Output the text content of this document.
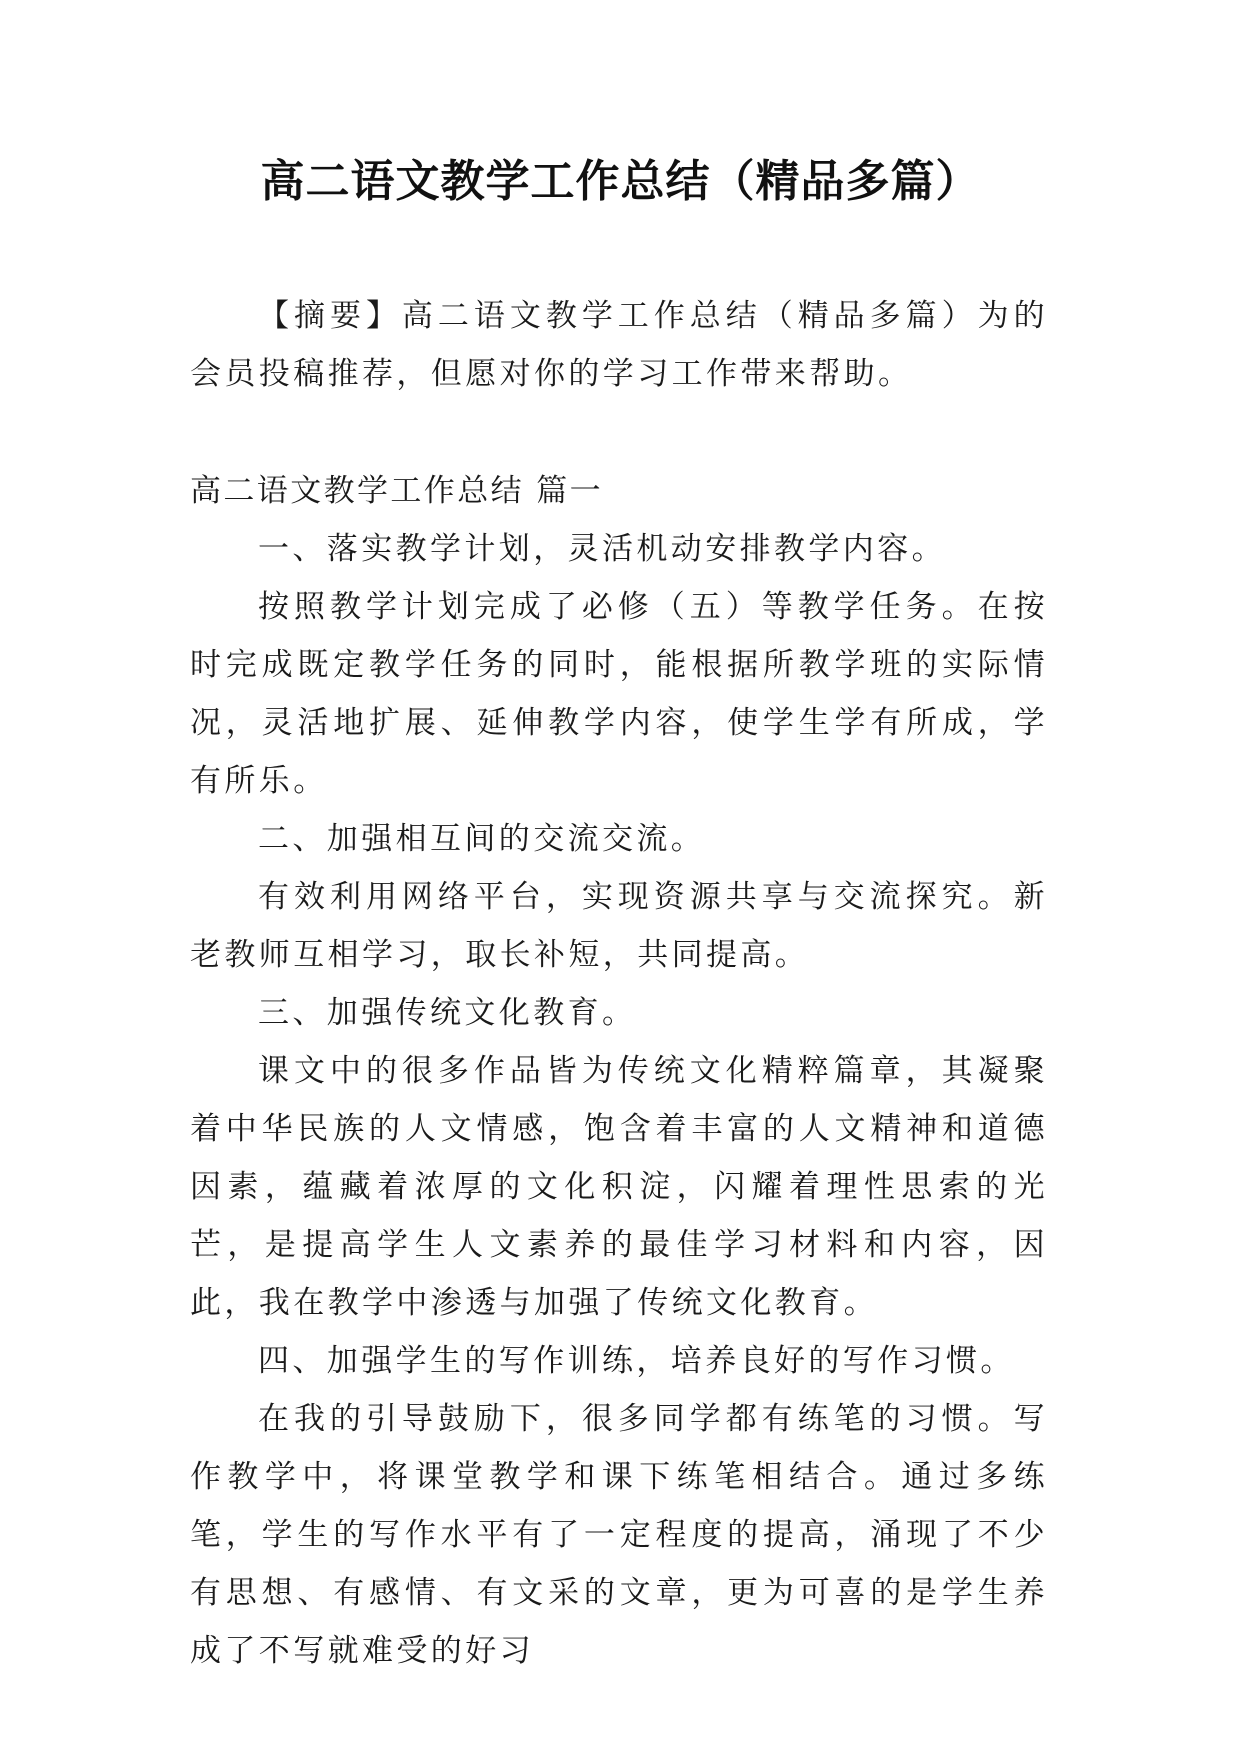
高二语文教学工作总结（精品多篇）

【摘要】高二语文教学工作总结（精品多篇）为的会员投稿推荐，但愿对你的学习工作带来帮助。

高二语文教学工作总结 篇一

一、落实教学计划，灵活机动安排教学内容。

按照教学计划完成了必修（五）等教学任务。在按时完成既定教学任务的同时，能根据所教学班的实际情况，灵活地扩展、延伸教学内容，使学生学有所成，学有所乐。

二、加强相互间的交流交流。

有效利用网络平台，实现资源共享与交流探究。新老教师互相学习，取长补短，共同提高。

三、加强传统文化教育。

课文中的很多作品皆为传统文化精粹篇章，其凝聚着中华民族的人文情感，饱含着丰富的人文精神和道德因素，蕴藏着浓厚的文化积淀，闪耀着理性思索的光芒，是提高学生人文素养的最佳学习材料和内容，因此，我在教学中渗透与加强了传统文化教育。

四、加强学生的写作训练，培养良好的写作习惯。

在我的引导鼓励下，很多同学都有练笔的习惯。写作教学中，将课堂教学和课下练笔相结合。通过多练笔，学生的写作水平有了一定程度的提高，涌现了不少有思想、有感情、有文采的文章，更为可喜的是学生养成了不写就难受的好习
